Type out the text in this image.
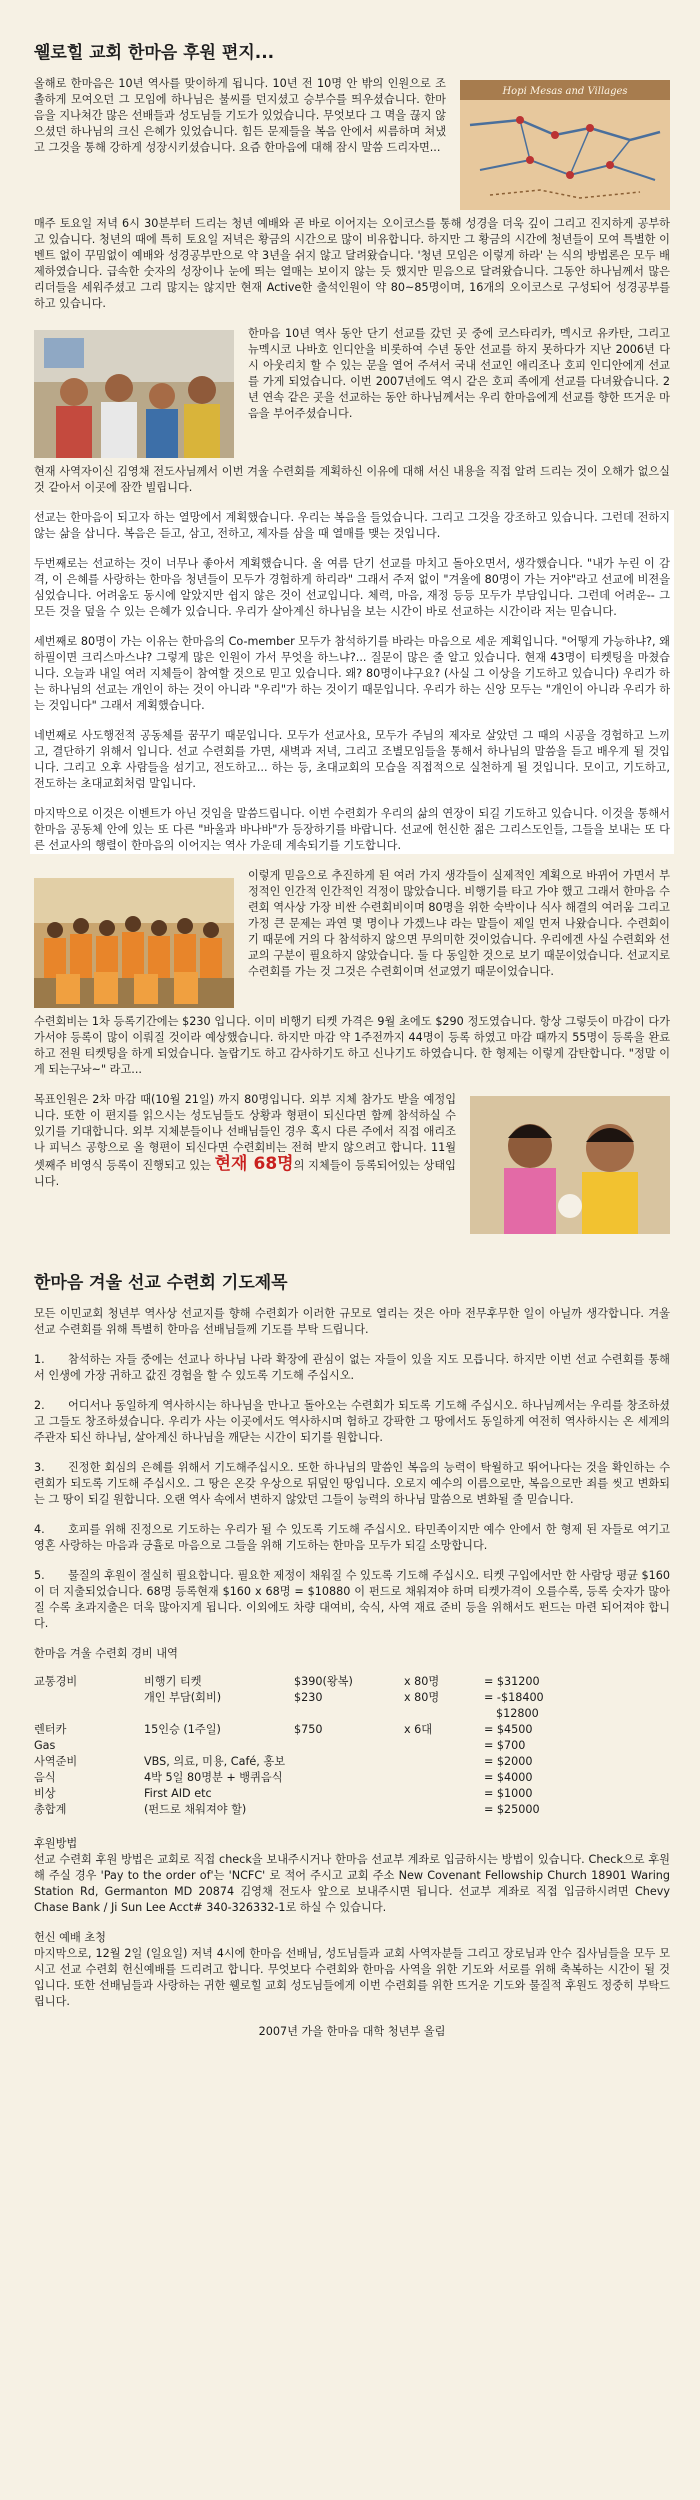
웰로힐 교회 한마음 후원 편지...
Hopi Mesas and Villages

올해로 한마음은 10년 역사를 맞이하게 됩니다. 10년 전 10명 안 밖의 인원으로 조촐하게 모여오던 그 모임에 하나님은 불씨를 던지셨고 승부수를 띄우셨습니다. 한마음을 지나쳐간 많은 선배들과 성도님들 기도가 있었습니다. 무엇보다 그 멱을 끊지 않으셨던 하나님의 크신 은혜가 있었습니다. 힘든 문제들을 복음 안에서 씨름하며 쳐냈고 그것을 통해 강하게 성장시키셨습니다. 요즘 한마음에 대해 잠시 말씀 드리자면...

매주 토요일 저녁 6시 30분부터 드리는 청년 예배와 곧 바로 이어지는 오이코스를 통해 성경을 더욱 깊이 그리고 진지하게 공부하고 있습니다. 청년의 때에 특히 토요일 저녁은 황금의 시간으로 많이 비유합니다. 하지만 그 황금의 시간에 청년들이 모여 특별한 이벤트 없이 꾸밈없이 예배와 성경공부만으로 약 3년을 쉬지 않고 달려왔습니다. '청년 모임은 이렇게 하라' 는 식의 방법론은 모두 배제하였습니다. 급속한 숫자의 성장이나 눈에 띄는 열매는 보이지 않는 듯 했지만 믿음으로 달려왔습니다. 그동안 하나님께서 많은 리더들을 세워주셨고 그리 많지는 않지만 현재 Active한 출석인원이 약 80~85명이며, 16개의 오이코스로 구성되어 성경공부를 하고 있습니다.

한마음 10년 역사 동안 단기 선교를 갔던 곳 중에 코스타리카, 멕시코 유카탄, 그리고 뉴멕시코 나바호 인디안을 비롯하여 수년 동안 선교를 하지 못하다가 지난 2006년 다시 아웃리치 할 수 있는 문을 열어 주셔서 국내 선교인 애리조나 호피 인디안에게 선교를 가게 되었습니다. 이번 2007년에도 역시 같은 호피 족에게 선교를 다녀왔습니다. 2년 연속 같은 곳을 선교하는 동안 하나님께서는 우리 한마음에게 선교를 향한 뜨거운 마음을 부어주셨습니다.

현재 사역자이신 김영채 전도사님께서 이번 겨울 수련회를 계획하신 이유에 대해 서신 내용을 직접 알려 드리는 것이 오해가 없으실 것 같아서 이곳에 잠깐 빌립니다.

선교는 한마음이 되고자 하는 열망에서 계획했습니다. 우리는 복음을 들었습니다. 그리고 그것을 강조하고 있습니다. 그런데 전하지 않는 삶을 삽니다. 복음은 듣고, 삼고, 전하고, 제자를 삼을 때 열매를 맺는 것입니다.

두번째로는 선교하는 것이 너무나 좋아서 계획했습니다. 올 여름 단기 선교를 마치고 돌아오면서, 생각했습니다. "내가 누린 이 감격, 이 은혜를 사랑하는 한마음 청년들이 모두가 경험하게 하리라" 그래서 주저 없이 "겨울에 80명이 가는 거야"라고 선교에 비젼을 심었습니다. 어려움도 동시에 알았지만 쉽지 않은 것이 선교입니다. 체력, 마음, 재정 등등 모두가 부담입니다. 그런데 어려운-- 그 모든 것을 덮을 수 있는 은혜가 있습니다. 우리가 살아계신 하나님을 보는 시간이 바로 선교하는 시간이라 저는 믿습니다.

세번째로 80명이 가는 이유는 한마음의 Co-member 모두가 참석하기를 바라는 마음으로 세운 계획입니다. "어떻게 가능하냐?, 왜 하필이면 크리스마스냐? 그렇게 많은 인원이 가서 무엇을 하느냐?... 질문이 많은 줄 알고 있습니다. 현재 43명이 티켓팅을 마쳤습니다. 오늘과 내일 여러 지체들이 참여할 것으로 믿고 있습니다. 왜? 80명이냐구요? (사실 그 이상을 기도하고 있습니다) 우리가 하는 하나님의 선교는 개인이 하는 것이 아니라 "우리"가 하는 것이기 때문입니다. 우리가 하는 신앙 모두는 "개인이 아니라 우리가 하는 것입니다" 그래서 계획했습니다.

네번째로 사도행전적 공동체를 꿈꾸기 때문입니다. 모두가 선교사요, 모두가 주님의 제자로 살았던 그 때의 시공을 경험하고 느끼고, 결단하기 위해서 입니다. 선교 수련회를 가면, 새벽과 저녁, 그리고 조별모임들을 통해서 하나님의 말씀을 듣고 배우게 될 것입니다. 그리고 오후 사람들을 섬기고, 전도하고... 하는 등, 초대교회의 모습을 직접적으로 실천하게 될 것입니다. 모이고, 기도하고, 전도하는 초대교회처럼 말입니다.

마지막으로 이것은 이벤트가 아닌 것임을 말씀드립니다. 이번 수련회가 우리의 삶의 연장이 되길 기도하고 있습니다. 이것을 통해서 한마음 공동체 안에 있는 또 다른 "바울과 바나바"가 등장하기를 바랍니다. 선교에 헌신한 젊은 그리스도인들, 그들을 보내는 또 다른 선교사의 행렬이 한마음의 이어지는 역사 가운데 계속되기를 기도합니다.

이렇게 믿음으로 추진하게 된 여러 가지 생각들이 실제적인 계획으로 바뀌어 가면서 부정적인 인간적 인간적인 걱정이 많았습니다. 비행기를 타고 가야 했고 그래서 한마음 수련회 역사상 가장 비싼 수련회비이며 80명을 위한 숙박이나 식사 해결의 여러움 그리고 가정 큰 문제는 과연 몇 명이나 가겠느냐 라는 말들이 제일 먼저 나왔습니다. 수련회이기 때문에 거의 다 참석하지 않으면 무의미한 것이었습니다. 우리에겐 사실 수련회와 선교의 구분이 필요하지 않았습니다. 둘 다 동일한 것으로 보기 때문이었습니다. 선교지로 수련회를 가는 것 그것은 수련회이며 선교였기 때문이었습니다.

수련회비는 1차 등록기간에는 $230 입니다. 이미 비행기 티켓 가격은 9월 초에도 $290 정도였습니다. 항상 그렇듯이 마감이 다가가서야 등록이 많이 이뤄질 것이라 예상했습니다. 하지만 마감 약 1주전까지 44명이 등록 하였고 마감 때까지 55명이 등록을 완료하고 전원 티켓팅을 하게 되었습니다. 놀랍기도 하고 감사하기도 하고 신나기도 하였습니다. 한 형제는 이렇게 감탄합니다. "정말 이게 되는구놔~" 라고...

목표인원은 2차 마감 때(10월 21일) 까지 80명입니다. 외부 지체 참가도 받을 예정입니다. 또한 이 편지를 읽으시는 성도님들도 상황과 형편이 되신다면 함께 참석하실 수 있기를 기대합니다. 외부 지체분들이나 선배님들인 경우 혹시 다른 주에서 직접 애리조나 피닉스 공항으로 올 형편이 되신다면 수련회비는 전혀 받지 않으려고 합니다. 11월 셋째주 비영식 등록이 진행되고 있는 현재 68명의 지체들이 등록되어있는 상태입니다.

한마음 겨울 선교 수련회 기도제목

모든 이민교회 청년부 역사상 선교지를 향해 수련회가 이러한 규모로 열리는 것은 아마 전무후무한 일이 아닐까 생각합니다. 겨울 선교 수련회를 위해 특별히 한마음 선배님들께 기도를 부탁 드립니다.

1. 참석하는 자들 중에는 선교나 하나님 나라 확장에 관심이 없는 자들이 있을 지도 모릅니다. 하지만 이번 선교 수련회를 통해서 인생에 가장 귀하고 값진 경험을 할 수 있도록 기도해 주십시오.
2. 어디서나 동일하게 역사하시는 하나님을 만나고 돌아오는 수련회가 되도록 기도해 주십시오. 하나님께서는 우리를 창조하셨고 그들도 창조하셨습니다. 우리가 사는 이곳에서도 역사하시며 험하고 강팍한 그 땅에서도 동일하게 여전히 역사하시는 온 세계의 주관자 되신 하나님, 살아계신 하나님을 깨닫는 시간이 되기를 원합니다.
3. 진정한 회심의 은혜를 위해서 기도해주십시오. 또한 하나님의 말씀인 복음의 능력이 탁월하고 뛰어나다는 것을 확인하는 수련회가 되도록 기도해 주십시오. 그 땅은 온갖 우상으로 뒤덮인 땅입니다. 오로지 예수의 이름으로만, 복음으로만 죄를 씻고 변화되는 그 땅이 되길 원합니다. 오랜 역사 속에서 변하지 않았던 그들이 능력의 하나님 말씀으로 변화될 줄 믿습니다.
4. 호피를 위해 진정으로 기도하는 우리가 될 수 있도록 기도해 주십시오. 타민족이지만 예수 안에서 한 형제 된 자들로 여기고 영혼 사랑하는 마음과 긍휼로 마음으로 그들을 위해 기도하는 한마음 모두가 되길 소망합니다.
5. 물질의 후원이 절실히 필요합니다. 필요한 제정이 채워질 수 있도록 기도해 주십시오. 티켓 구입에서만 한 사람당 평균 $160이 더 지출되었습니다. 68명 등록현재 $160 x 68명 = $10880 이 펀드로 채워져야 하며 티켓가격이 오를수록, 등록 숫자가 많아질 수록 초과지출은 더욱 많아지게 됩니다. 이외에도 차량 대여비, 숙식, 사역 재료 준비 등을 위해서도 펀드는 마련 되어져야 합니다.
한마음 겨울 수련회 경비 내역
교통경비	비행기 티켓	$390(왕복)	x 80명	= $31200
	개인 부담(회비)	$230	x 80명	= -$18400
				$12800
렌터카	15인승 (1주일)	$750	x 6대	= $4500
Gas				= $700
사역준비	VBS, 의료, 미용, Café, 홍보			= $2000
음식	4박 5일 80명분 + 뱅퀴음식			= $4000
비상	First AID etc			= $1000
총합계	(펀드로 채워져야 할)			= $25000
후원방법

선교 수련회 후원 방법은 교회로 직접 check을 보내주시거나 한마음 선교부 계좌로 입금하시는 방법이 있습니다. Check으로 후원해 주실 경우 'Pay to the order of'는 'NCFC' 로 적어 주시고 교회 주소 New Covenant Fellowship Church 18901 Waring Station Rd, Germanton MD 20874 김영채 전도사 앞으로 보내주시면 됩니다. 선교부 계좌로 직접 입금하시려면 Chevy Chase Bank / Ji Sun Lee Acct# 340-326332-1로 하실 수 있습니다.

헌신 예배 초청

마지막으로, 12월 2일 (일요일) 저녁 4시에 한마음 선배님, 성도님들과 교회 사역자분들 그리고 장로님과 안수 집사님들을 모두 모시고 선교 수련회 헌신예배를 드리려고 합니다. 무엇보다 수련회와 한마음 사역을 위한 기도와 서로를 위해 축복하는 시간이 될 것입니다. 또한 선배님들과 사랑하는 귀한 웰로힐 교회 성도님들에게 이번 수련회를 위한 뜨거운 기도와 물질적 후원도 정중히 부탁드립니다.

2007년 가을 한마음 대학 청년부 올림
